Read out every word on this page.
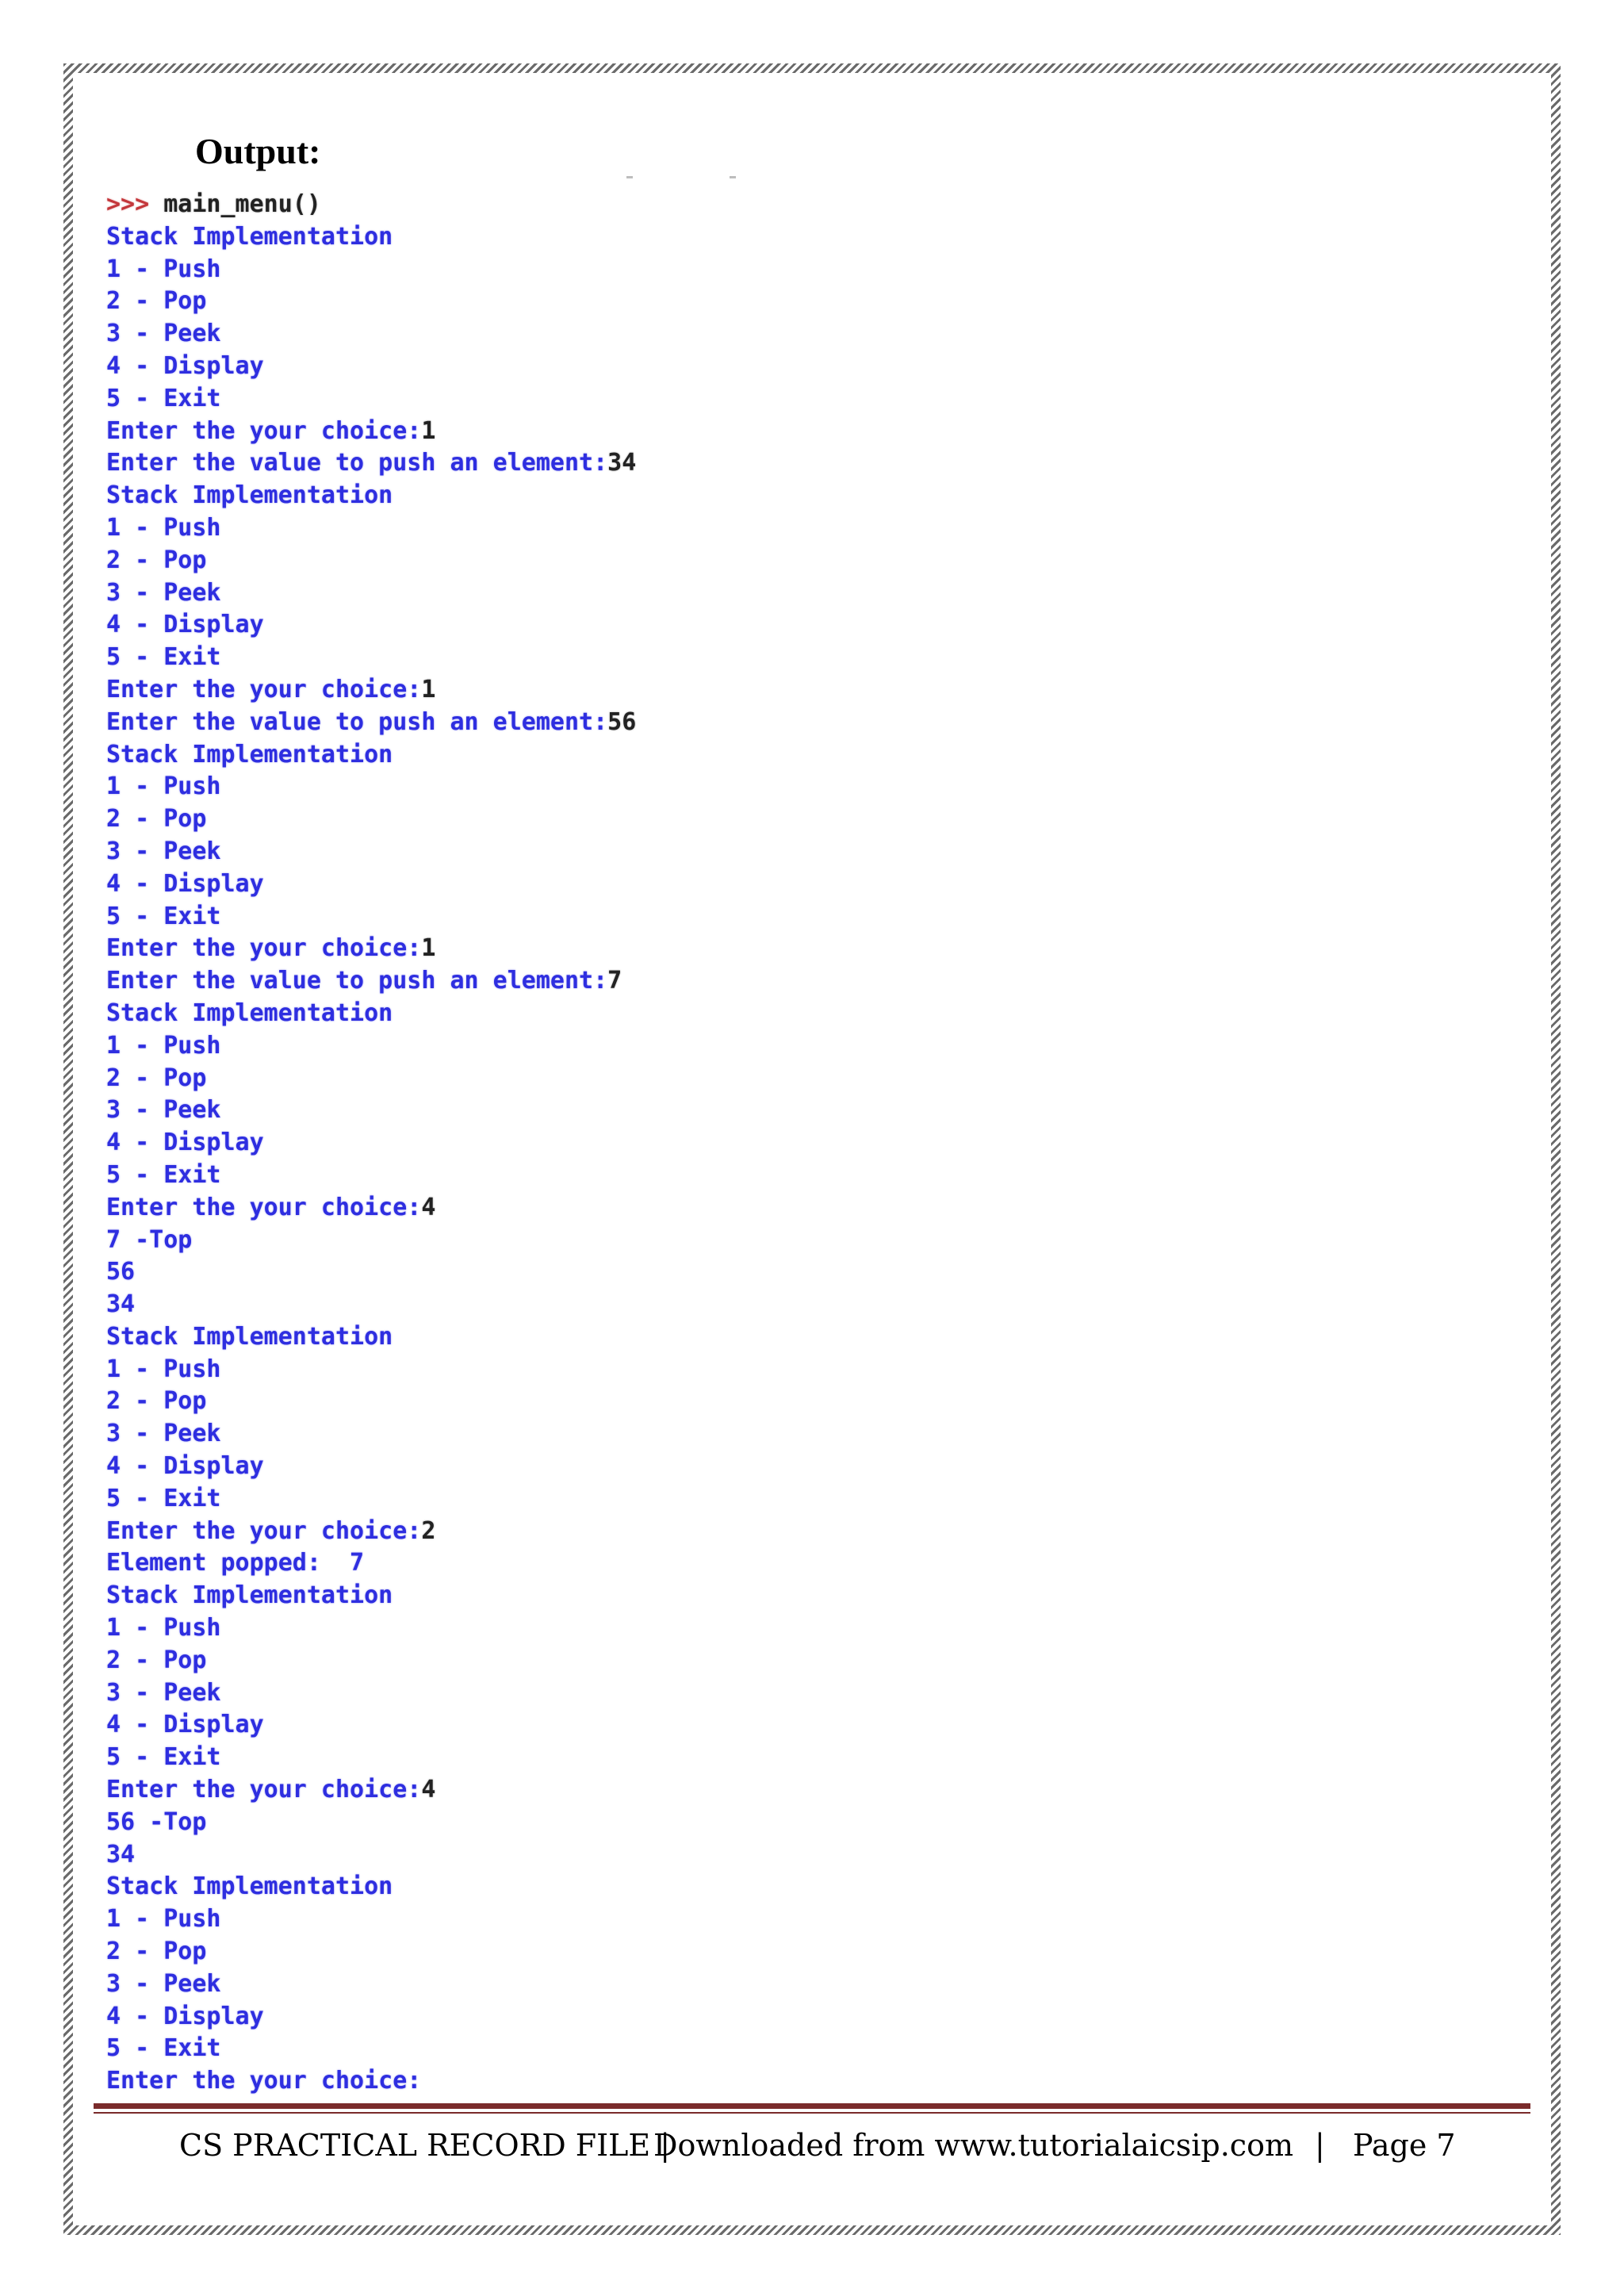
Output:
>>> main_menu()
Stack Implementation
1 - Push
2 - Pop
3 - Peek
4 - Display
5 - Exit
Enter the your choice:1
Enter the value to push an element:34
Stack Implementation
1 - Push
2 - Pop
3 - Peek
4 - Display
5 - Exit
Enter the your choice:1
Enter the value to push an element:56
Stack Implementation
1 - Push
2 - Pop
3 - Peek
4 - Display
5 - Exit
Enter the your choice:1
Enter the value to push an element:7
Stack Implementation
1 - Push
2 - Pop
3 - Peek
4 - Display
5 - Exit
Enter the your choice:4
7 -Top
56
34
Stack Implementation
1 - Push
2 - Pop
3 - Peek
4 - Display
5 - Exit
Enter the your choice:2
Element popped:  7
Stack Implementation
1 - Push
2 - Pop
3 - Peek
4 - Display
5 - Exit
Enter the your choice:4
56 -Top
34
Stack Implementation
1 - Push
2 - Pop
3 - Peek
4 - Display
5 - Exit
Enter the your choice:
CS PRACTICAL RECORD FILE |
Downloaded from www.tutorialaicsip.com | Page 7
